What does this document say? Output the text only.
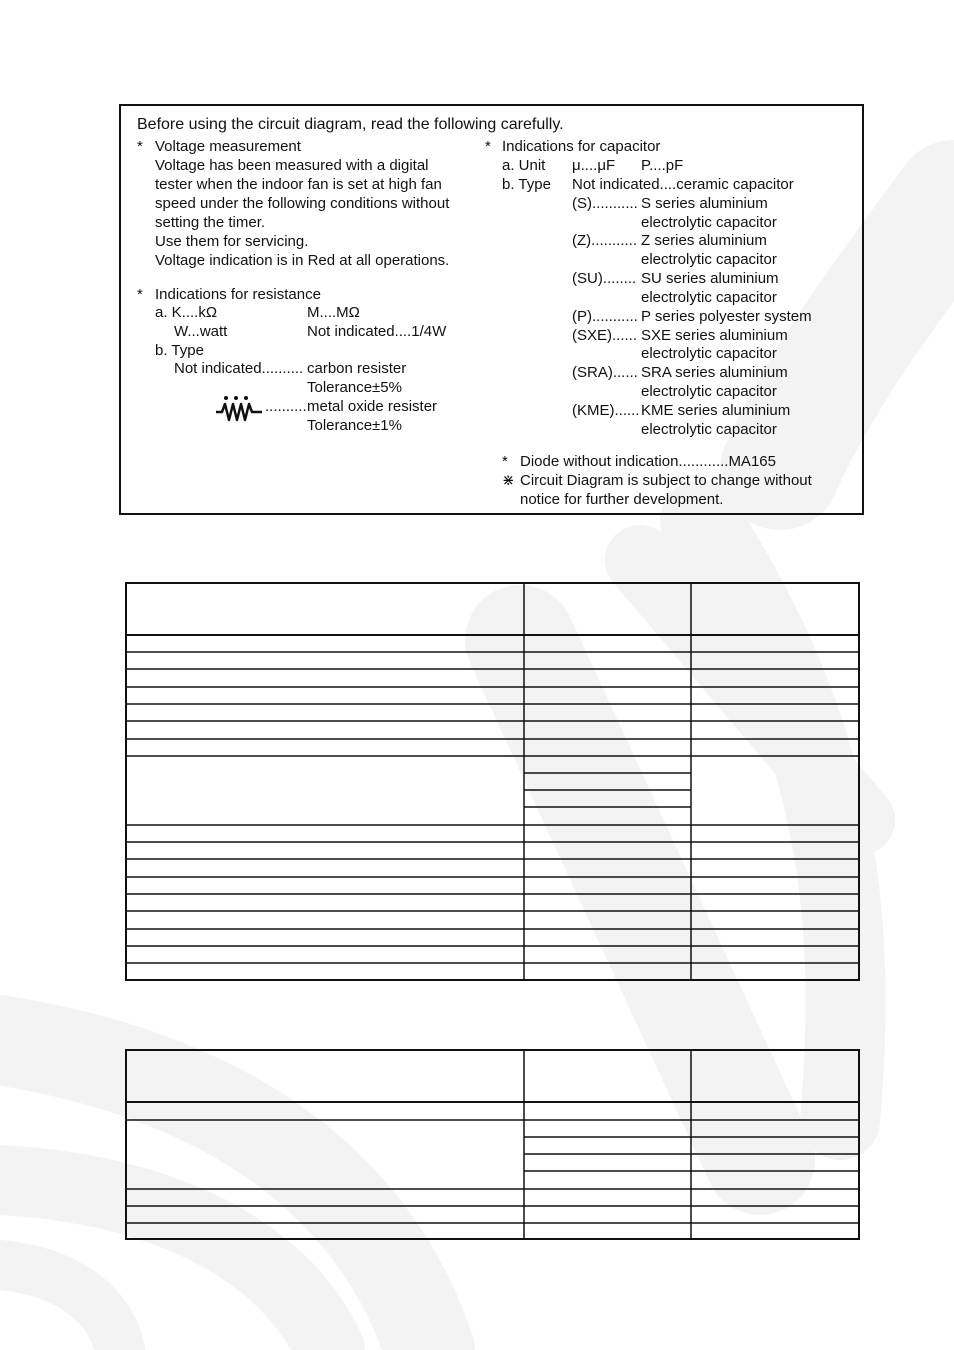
Before using the circuit diagram, read the following carefully.
* Voltage measurement
Voltage has been measured with a digital
tester when the indoor fan is set at high fan
speed under the following conditions without
setting the timer.
Use them for servicing.
Voltage indication is in Red at all operations.
* Indications for resistance
a. K....kΩ	M....MΩ
W...watt	Not indicated....1/4W
b. Type
Not indicated.......... carbon resister
Tolerance±5%
.......... metal oxide resister
Tolerance±1%
* Indications for capacitor
a. Unit μ....μF P....pF
b. Type Not indicated....ceramic capacitor
(S)........... S series aluminium
electrolytic capacitor
(Z)........... Z series aluminium
electrolytic capacitor
(SU)........ SU series aluminium
electrolytic capacitor
(P)........... P series polyester system
(SXE)...... SXE series aluminium
electrolytic capacitor
(SRA)...... SRA series aluminium
electrolytic capacitor
(KME)...... KME series aluminium
electrolytic capacitor
* Diode without indication............MA165
⋇ Circuit Diagram is subject to change without
notice for further development.
